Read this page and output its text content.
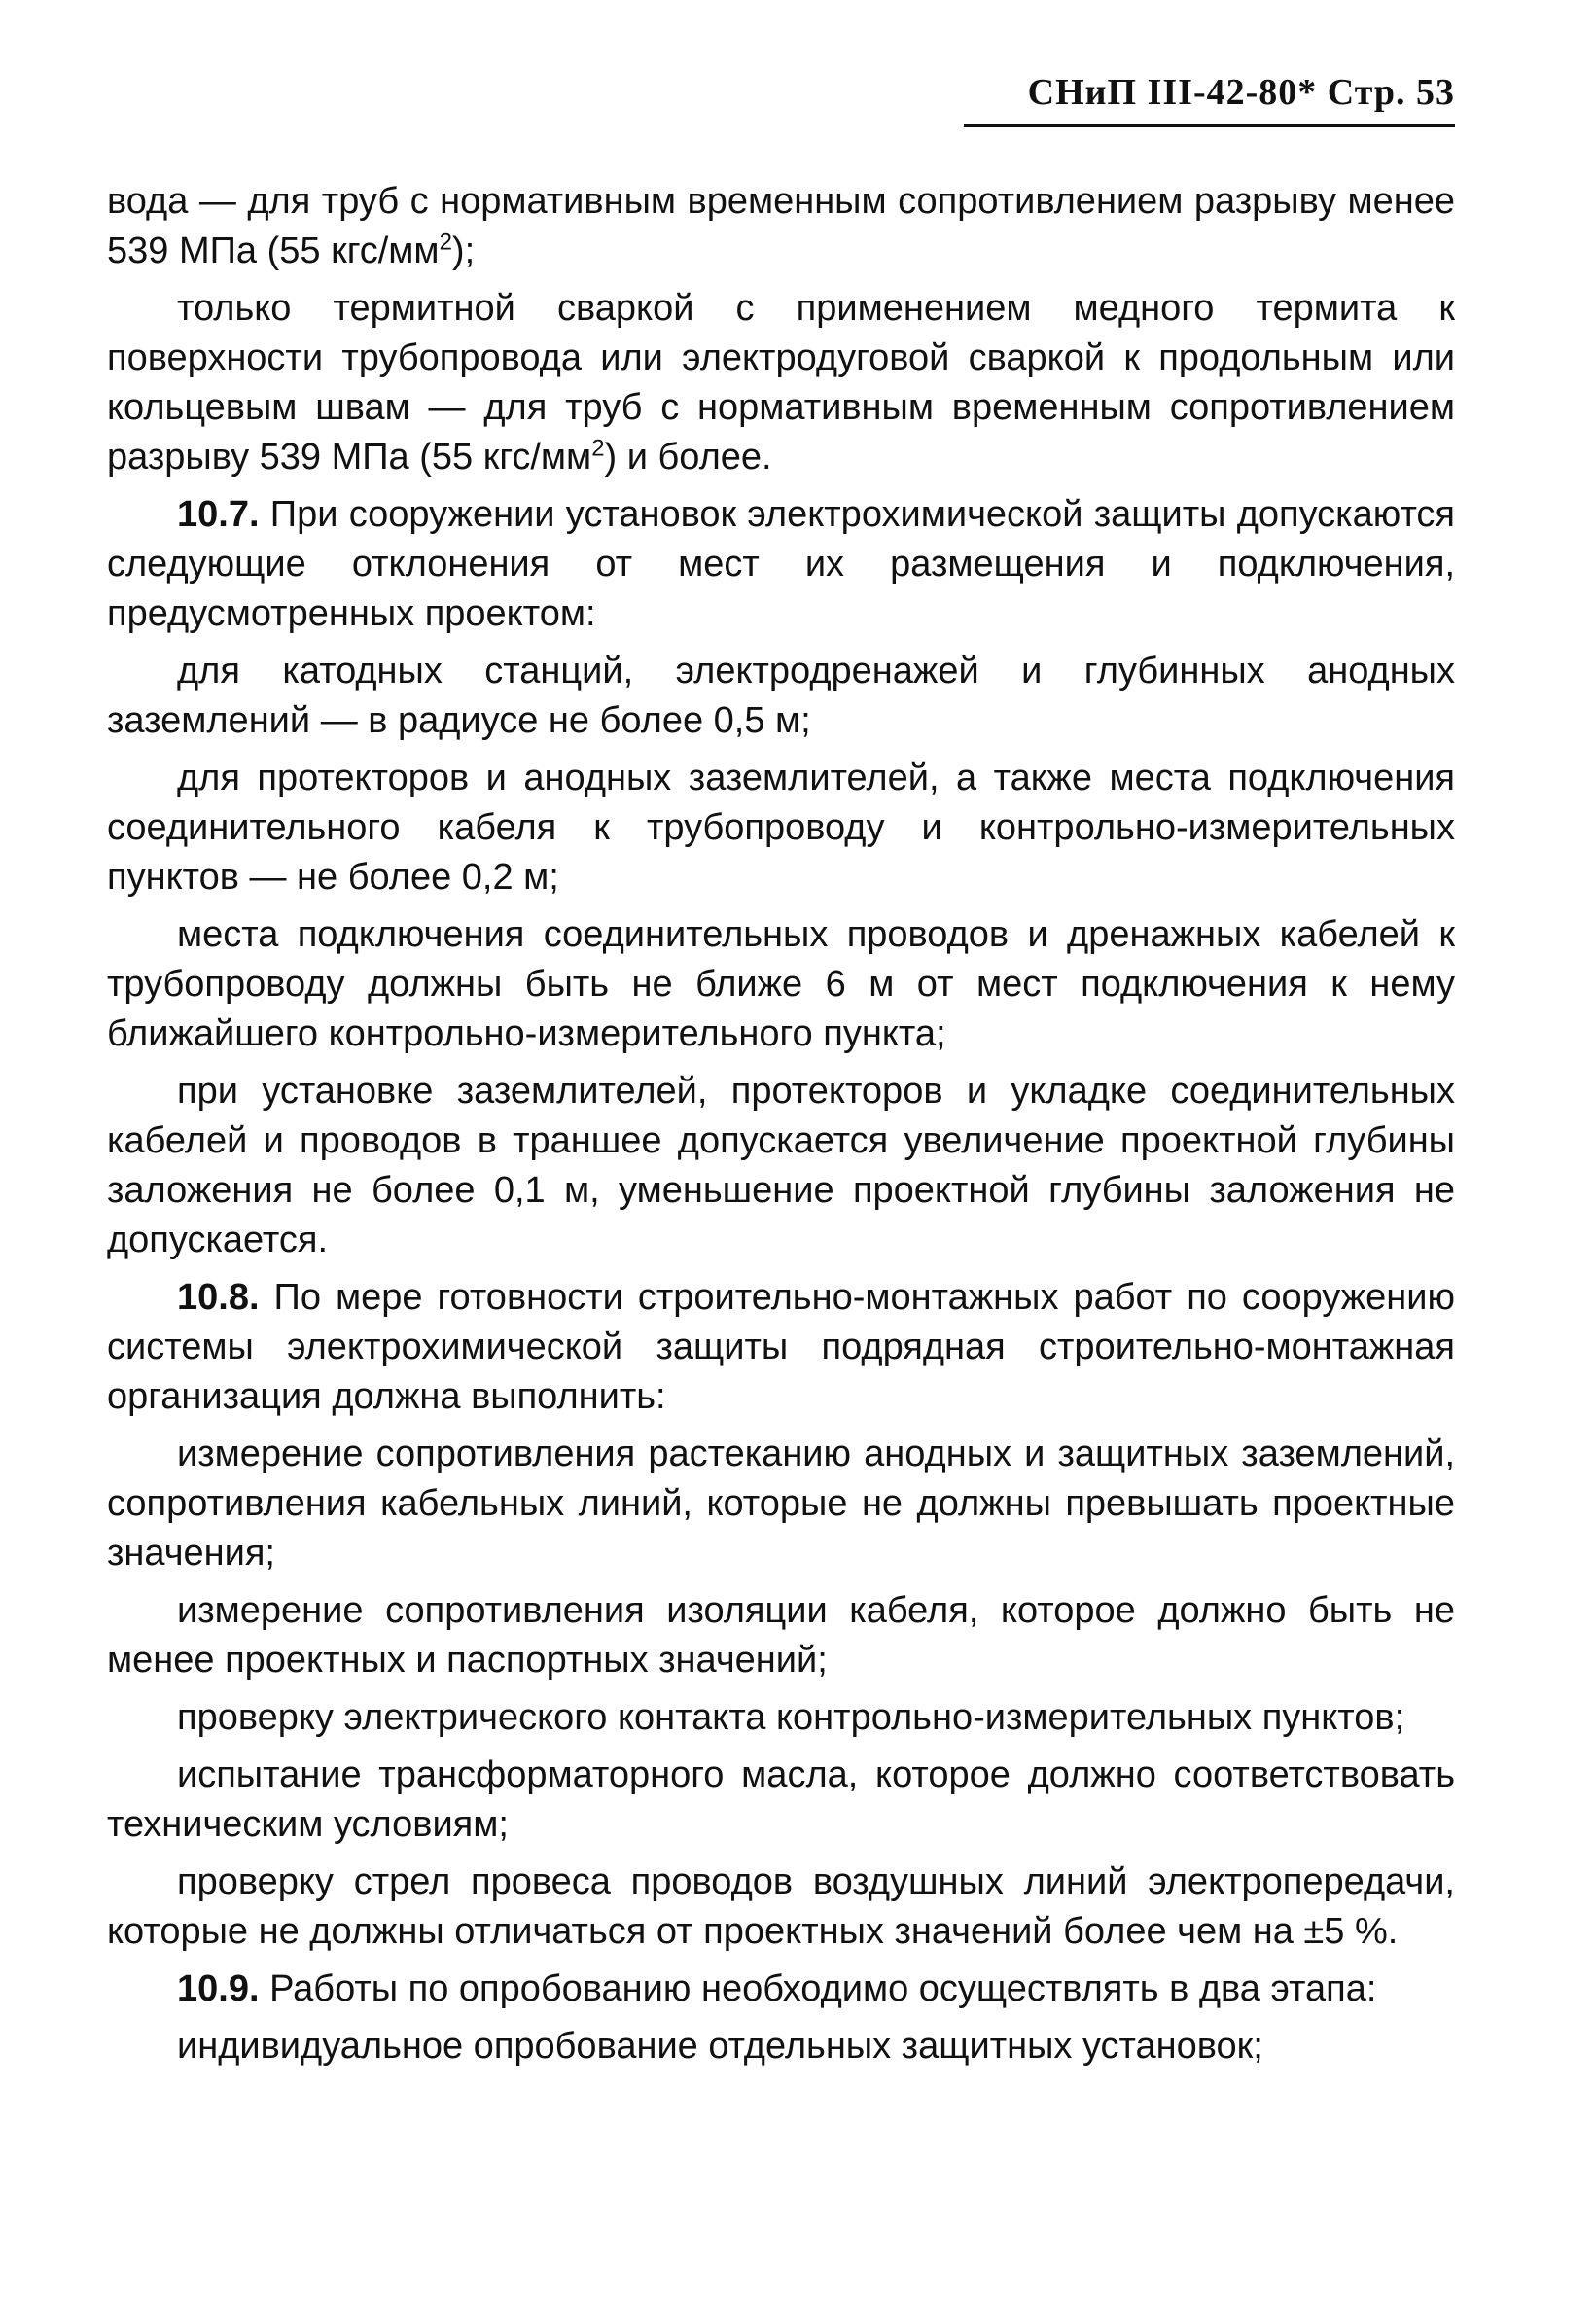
СНиП III-42-80* Стр. 53

вода — для труб с нормативным временным сопротивлением разрыву менее 539 МПа (55 кгс/$мм^2$);

только термитной сваркой с применением медного термита к поверхности трубопровода или электродуговой сваркой к продольным или кольцевым швам — для труб с нормативным временным сопротивлением разрыву 539 МПа (55 кгс/$мм^2$) и более.

10.7. При сооружении установок электрохимической защиты допускаются следующие отклонения от мест их размещения и подключения, предусмотренных проектом:

для катодных станций, электродренажей и глубинных анодных заземлений — в радиусе не более 0,5 м;

для протекторов и анодных заземлителей, а также места подключения соединительного кабеля к трубопроводу и контрольно-измерительных пунктов — не более 0,2 м;

места подключения соединительных проводов и дренажных кабелей к трубопроводу должны быть не ближе 6 м от мест подключения к нему ближайшего контрольно-измерительного пункта;

при установке заземлителей, протекторов и укладке соединительных кабелей и проводов в траншее допускается увеличение проектной глубины заложения не более 0,1 м, уменьшение проектной глубины заложения не допускается.

10.8. По мере готовности строительно-монтажных работ по сооружению системы электрохимической защиты подрядная строительно-монтажная организация должна выполнить:

измерение сопротивления растеканию анодных и защитных заземлений, сопротивления кабельных линий, которые не должны превышать проектные значения;

измерение сопротивления изоляции кабеля, которое должно быть не менее проектных и паспортных значений;

проверку электрического контакта контрольно-измерительных пунктов;

испытание трансформаторного масла, которое должно соответствовать техническим условиям;

проверку стрел провеса проводов воздушных линий электропередачи, которые не должны отличаться от проектных значений более чем на ±5 %.

10.9. Работы по опробованию необходимо осуществлять в два этапа:

индивидуальное опробование отдельных защитных установок;
